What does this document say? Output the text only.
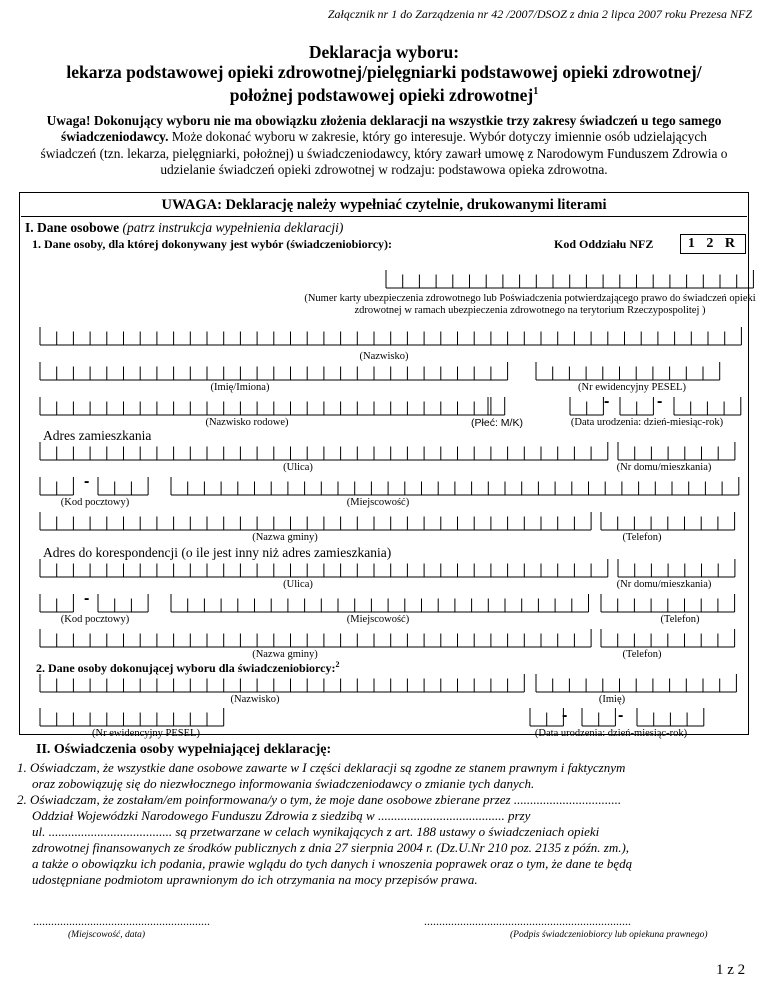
Załącznik nr 1 do Zarządzenia nr 42 /2007/DSOZ z dnia 2 lipca 2007 roku Prezesa NFZ
Deklaracja wyboru:
lekarza podstawowej opieki zdrowotnej/pielęgniarki podstawowej opieki zdrowotnej/
położnej podstawowej opieki zdrowotnej$^1$
Uwaga! Dokonujący wyboru nie ma obowiązku złożenia deklaracji na wszystkie trzy zakresy świadczeń u tego samego świadczeniodawcy. Może dokonać wyboru w zakresie, który go interesuje. Wybór dotyczy imiennie osób udzielających świadczeń (tzn. lekarza, pielęgniarki, położnej) u świadczeniodawcy, który zawarł umowę z Narodowym Funduszem Zdrowia o udzielanie świadczeń opieki zdrowotnej w rodzaju: podstawowa opieka zdrowotna.
UWAGA: Deklarację należy wypełniać czytelnie, drukowanymi literami
I. Dane osobowe (patrz instrukcja wypełnienia deklaracji)
1. Dane osoby, dla której dokonywany jest wybór (świadczeniobiorcy):	Kod Oddziału NFZ	1 2 R
(Numer karty ubezpieczenia zdrowotnego lub Poświadczenia potwierdzającego prawo do świadczeń opieki zdrowotnej w ramach ubezpieczenia zdrowotnego na terytorium Rzeczypospolitej )
(Nazwisko)
(Imię/Imiona)	(Nr ewidencyjny PESEL)
-	-
(Nazwisko rodowe)	(Płeć: M/K)	(Data urodzenia: dzień-miesiąc-rok)
Adres zamieszkania
(Ulica)	(Nr domu/mieszkania)
-
(Kod pocztowy)	(Miejscowość)
(Nazwa gminy)	(Telefon)
Adres do korespondencji (o ile jest inny niż adres zamieszkania)
(Ulica)	(Nr domu/mieszkania)
-
(Kod pocztowy)	(Miejscowość)	(Telefon)
(Nazwa gminy)	(Telefon)
2. Dane osoby dokonującej wyboru dla świadczeniobiorcy:$^2$
(Nazwisko)	(Imię)
-	-
(Nr ewidencyjny PESEL)	(Data urodzenia: dzień-miesiąc-rok)
II. Oświadczenia osoby wypełniającej deklarację:

1. Oświadczam, że wszystkie dane osobowe zawarte w I części deklaracji są zgodne ze stanem prawnym i faktycznym

oraz zobowiązuję się do niezwłocznego informowania świadczeniodawcy o zmianie tych danych.

2. Oświadczam, że zostałam/em poinformowana/y o tym, że moje dane osobowe zbierane przez .................................

Oddział Wojewódzki Narodowego Funduszu Zdrowia z siedzibą w ....................................... przy

ul. ...................................... są przetwarzane w celach wynikających z art. 188 ustawy o świadczeniach opieki

zdrowotnej finansowanych ze środków publicznych z dnia 27 sierpnia 2004 r. (Dz.U.Nr 210 poz. 2135 z późn. zm.),

a także o obowiązku ich podania, prawie wglądu do tych danych i wnoszenia poprawek oraz o tym, że dane te będą

udostępniane podmiotom uprawnionym do ich otrzymania na mocy przepisów prawa.

...........................................................
(Miejscowość, data)
.....................................................................
(Podpis świadczeniobiorcy lub opiekuna prawnego)
1 z 2
